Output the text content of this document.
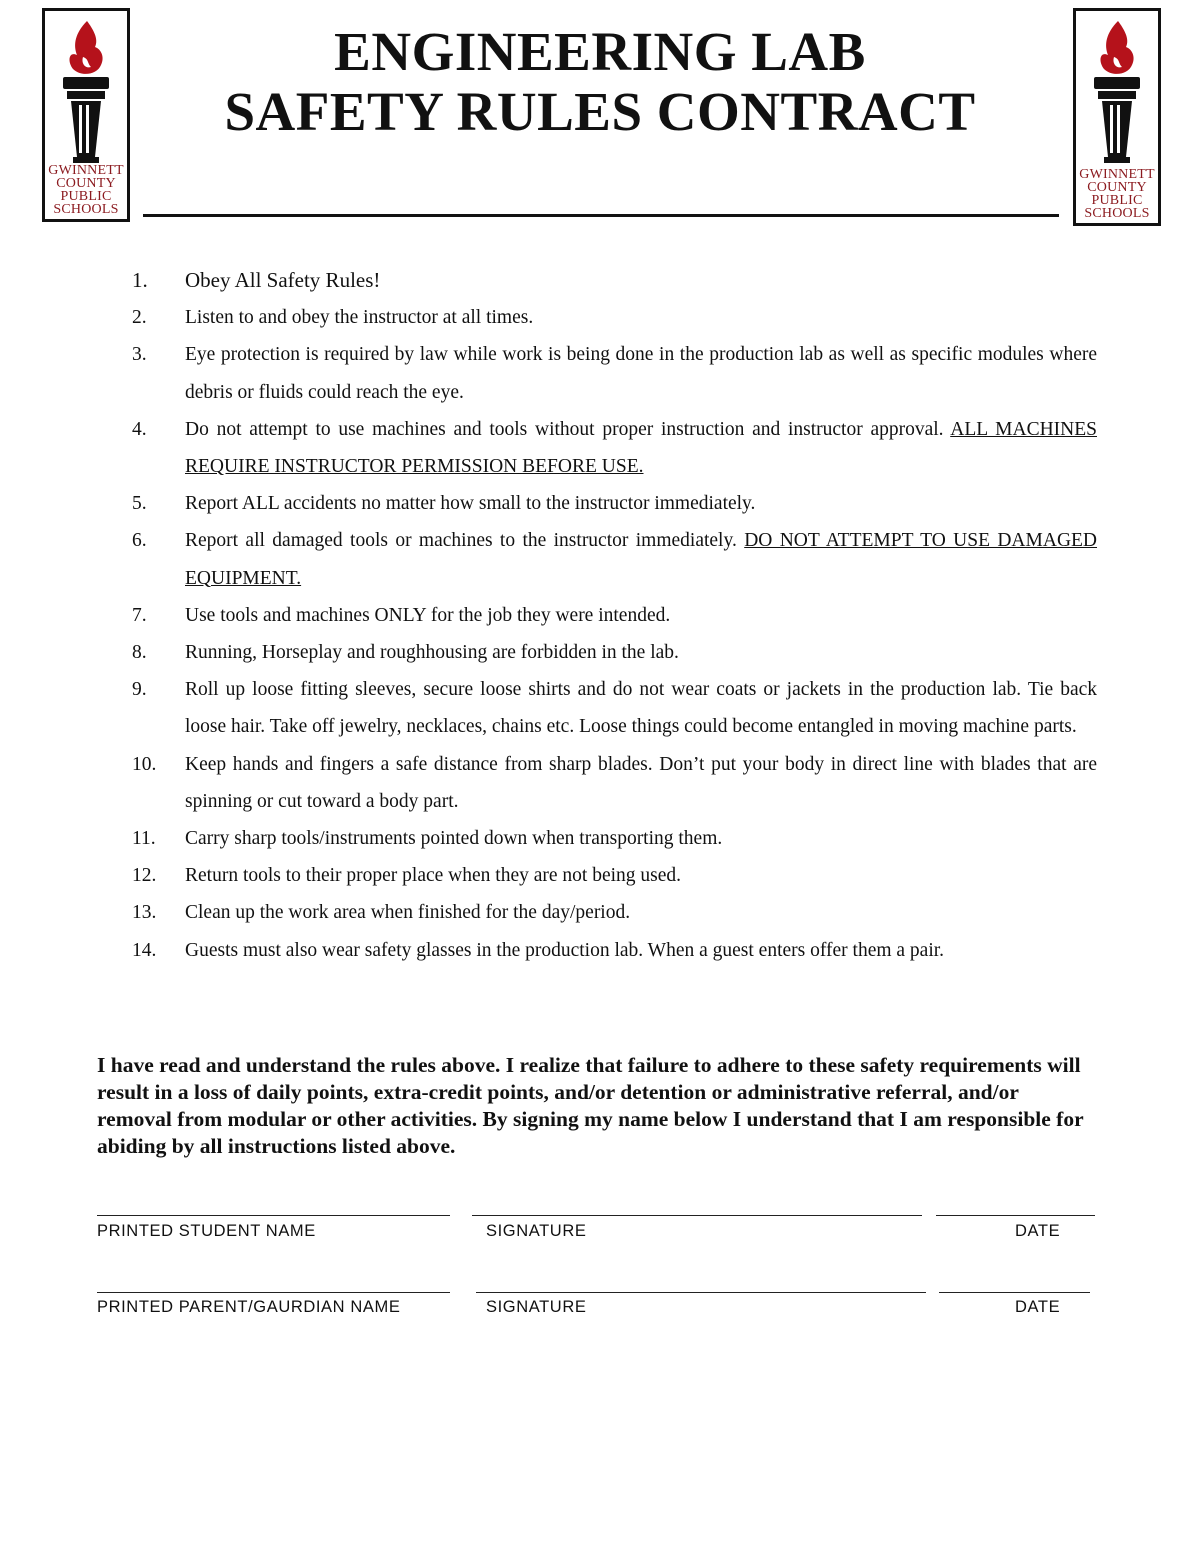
GWINNETT
COUNTY
PUBLIC
SCHOOLS
GWINNETT
COUNTY
PUBLIC
SCHOOLS
ENGINEERING LAB
SAFETY RULES CONTRACT
1. Obey All Safety Rules!
2. Listen to and obey the instructor at all times.
3. Eye protection is required by law while work is being done in the production lab as well as specific modules where debris or fluids could reach the eye.
4. Do not attempt to use machines and tools without proper instruction and instructor approval. ALL MACHINES REQUIRE INSTRUCTOR PERMISSION BEFORE USE.
5. Report ALL accidents no matter how small to the instructor immediately.
6. Report all damaged tools or machines to the instructor immediately. DO NOT ATTEMPT TO USE DAMAGED EQUIPMENT.
7. Use tools and machines ONLY for the job they were intended.
8. Running, Horseplay and roughhousing are forbidden in the lab.
9. Roll up loose fitting sleeves, secure loose shirts and do not wear coats or jackets in the production lab. Tie back loose hair. Take off jewelry, necklaces, chains etc. Loose things could become entangled in moving machine parts.
10. Keep hands and fingers a safe distance from sharp blades. Don’t put your body in direct line with blades that are spinning or cut toward a body part.
11. Carry sharp tools/instruments pointed down when transporting them.
12. Return tools to their proper place when they are not being used.
13. Clean up the work area when finished for the day/period.
14. Guests must also wear safety glasses in the production lab. When a guest enters offer them a pair.
I have read and understand the rules above. I realize that failure to adhere to these safety requirements will result in a loss of daily points, extra-credit points, and/or detention or administrative referral, and/or removal from modular or other activities. By signing my name below I understand that I am responsible for abiding by all instructions listed above.
PRINTED STUDENT NAME	SIGNATURE	DATE
PRINTED PARENT/GAURDIAN NAME	SIGNATURE	DATE
